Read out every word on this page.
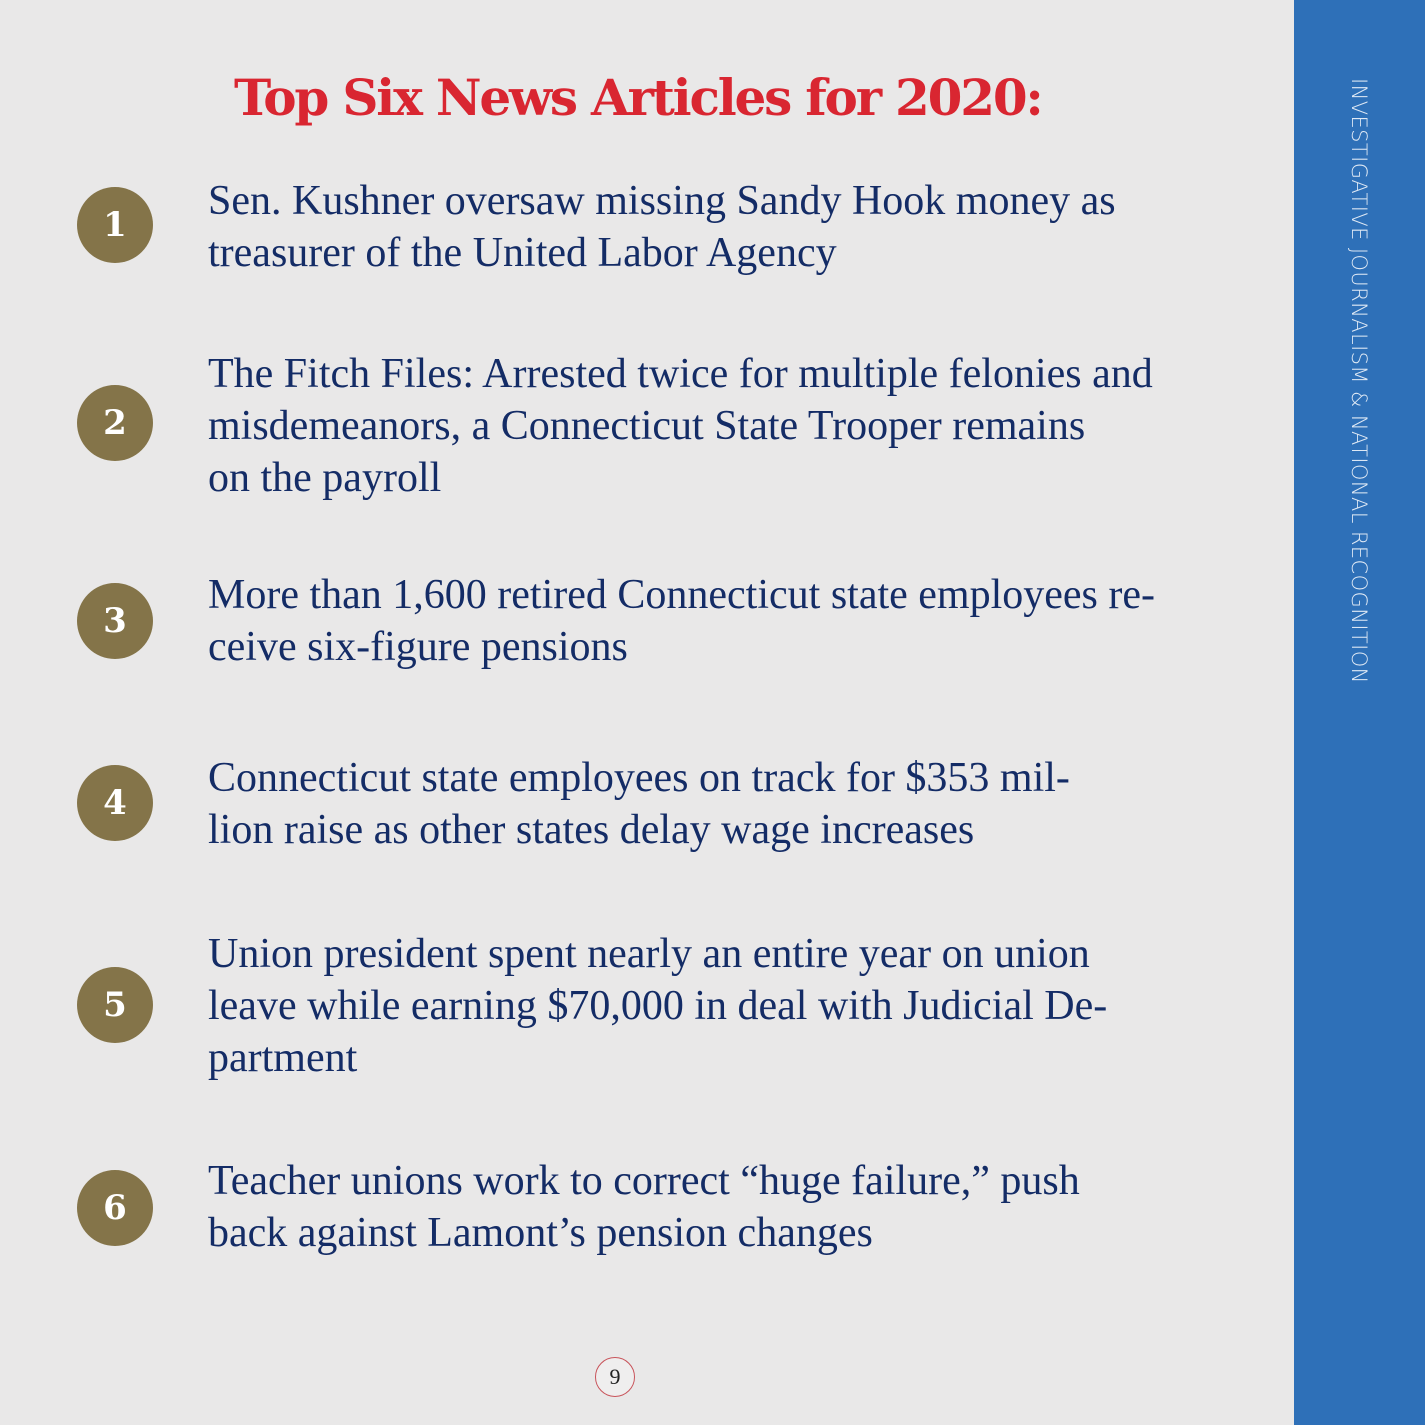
Top Six News Articles for 2020:
1

Sen. Kushner oversaw missing Sandy Hook money as
treasurer of the United Labor Agency

2

The Fitch Files: Arrested twice for multiple felonies and
misdemeanors, a Connecticut State Trooper remains
on the payroll

3

More than 1,600 retired Connecticut state employees re-
ceive six-figure pensions

4

Connecticut state employees on track for $353 mil-
lion raise as other states delay wage increases

5

Union president spent nearly an entire year on union
leave while earning $70,000 in deal with Judicial De-
partment

6

Teacher unions work to correct “huge failure,” push
back against Lamont’s pension changes

9
INVESTIGATIVE JOURNALISM & NATIONAL RECOGNITION
